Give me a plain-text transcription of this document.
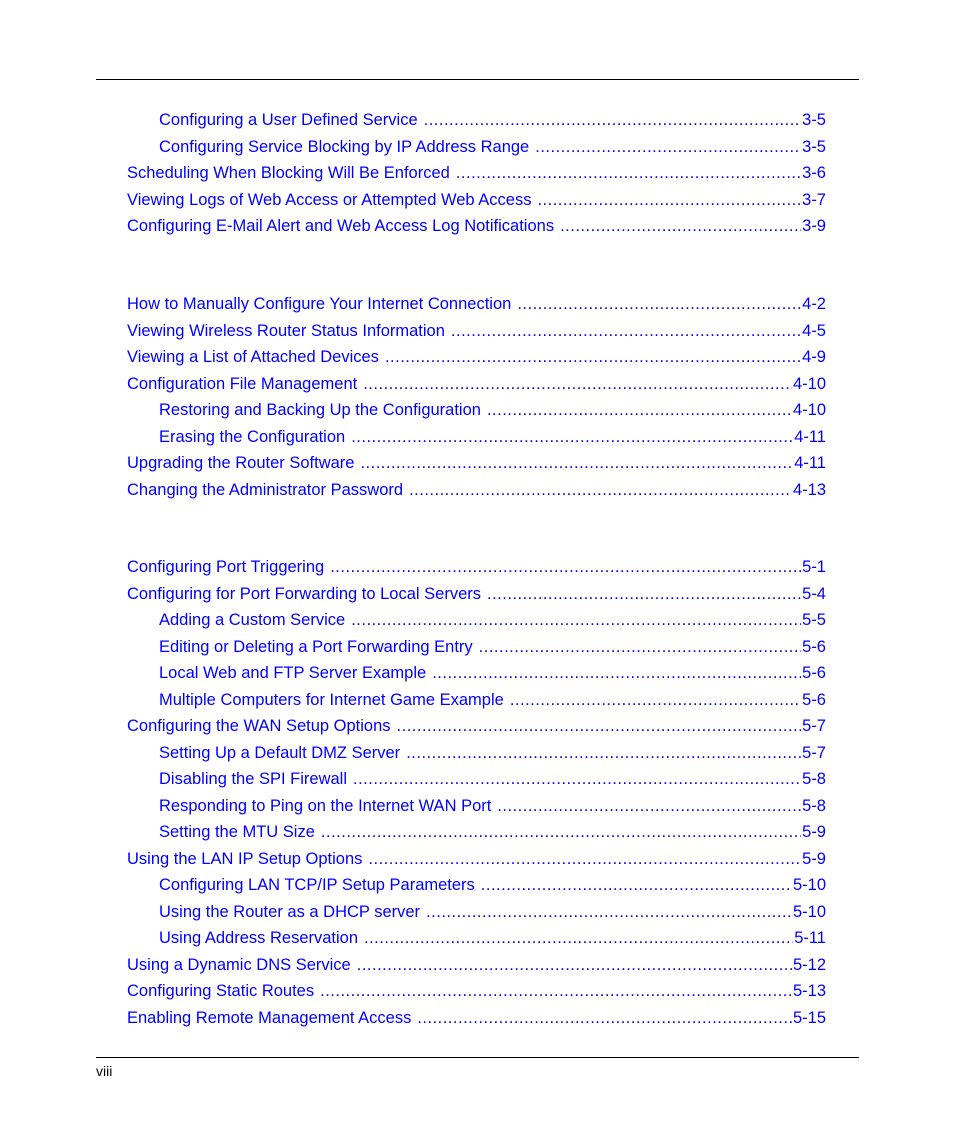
Configuring a User Defined Service .....	3-5
Configuring Service Blocking by IP Address Range .....	3-5
Scheduling When Blocking Will Be Enforced .....	3-6
Viewing Logs of Web Access or Attempted Web Access .....	3-7
Configuring E-Mail Alert and Web Access Log Notifications .....	3-9
How to Manually Configure Your Internet Connection .....	4-2
Viewing Wireless Router Status Information .....	4-5
Viewing a List of Attached Devices .....	4-9
Configuration File Management .....	4-10
Restoring and Backing Up the Configuration .....	4-10
Erasing the Configuration .....	4-11
Upgrading the Router Software .....	4-11
Changing the Administrator Password .....	4-13
Configuring Port Triggering .....	5-1
Configuring for Port Forwarding to Local Servers .....	5-4
Adding a Custom Service .....	5-5
Editing or Deleting a Port Forwarding Entry .....	5-6
Local Web and FTP Server Example .....	5-6
Multiple Computers for Internet Game Example .....	5-6
Configuring the WAN Setup Options .....	5-7
Setting Up a Default DMZ Server .....	5-7
Disabling the SPI Firewall .....	5-8
Responding to Ping on the Internet WAN Port .....	5-8
Setting the MTU Size .....	5-9
Using the LAN IP Setup Options .....	5-9
Configuring LAN TCP/IP Setup Parameters .....	5-10
Using the Router as a DHCP server .....	5-10
Using Address Reservation .....	5-11
Using a Dynamic DNS Service .....	5-12
Configuring Static Routes .....	5-13
Enabling Remote Management Access .....	5-15
viii
